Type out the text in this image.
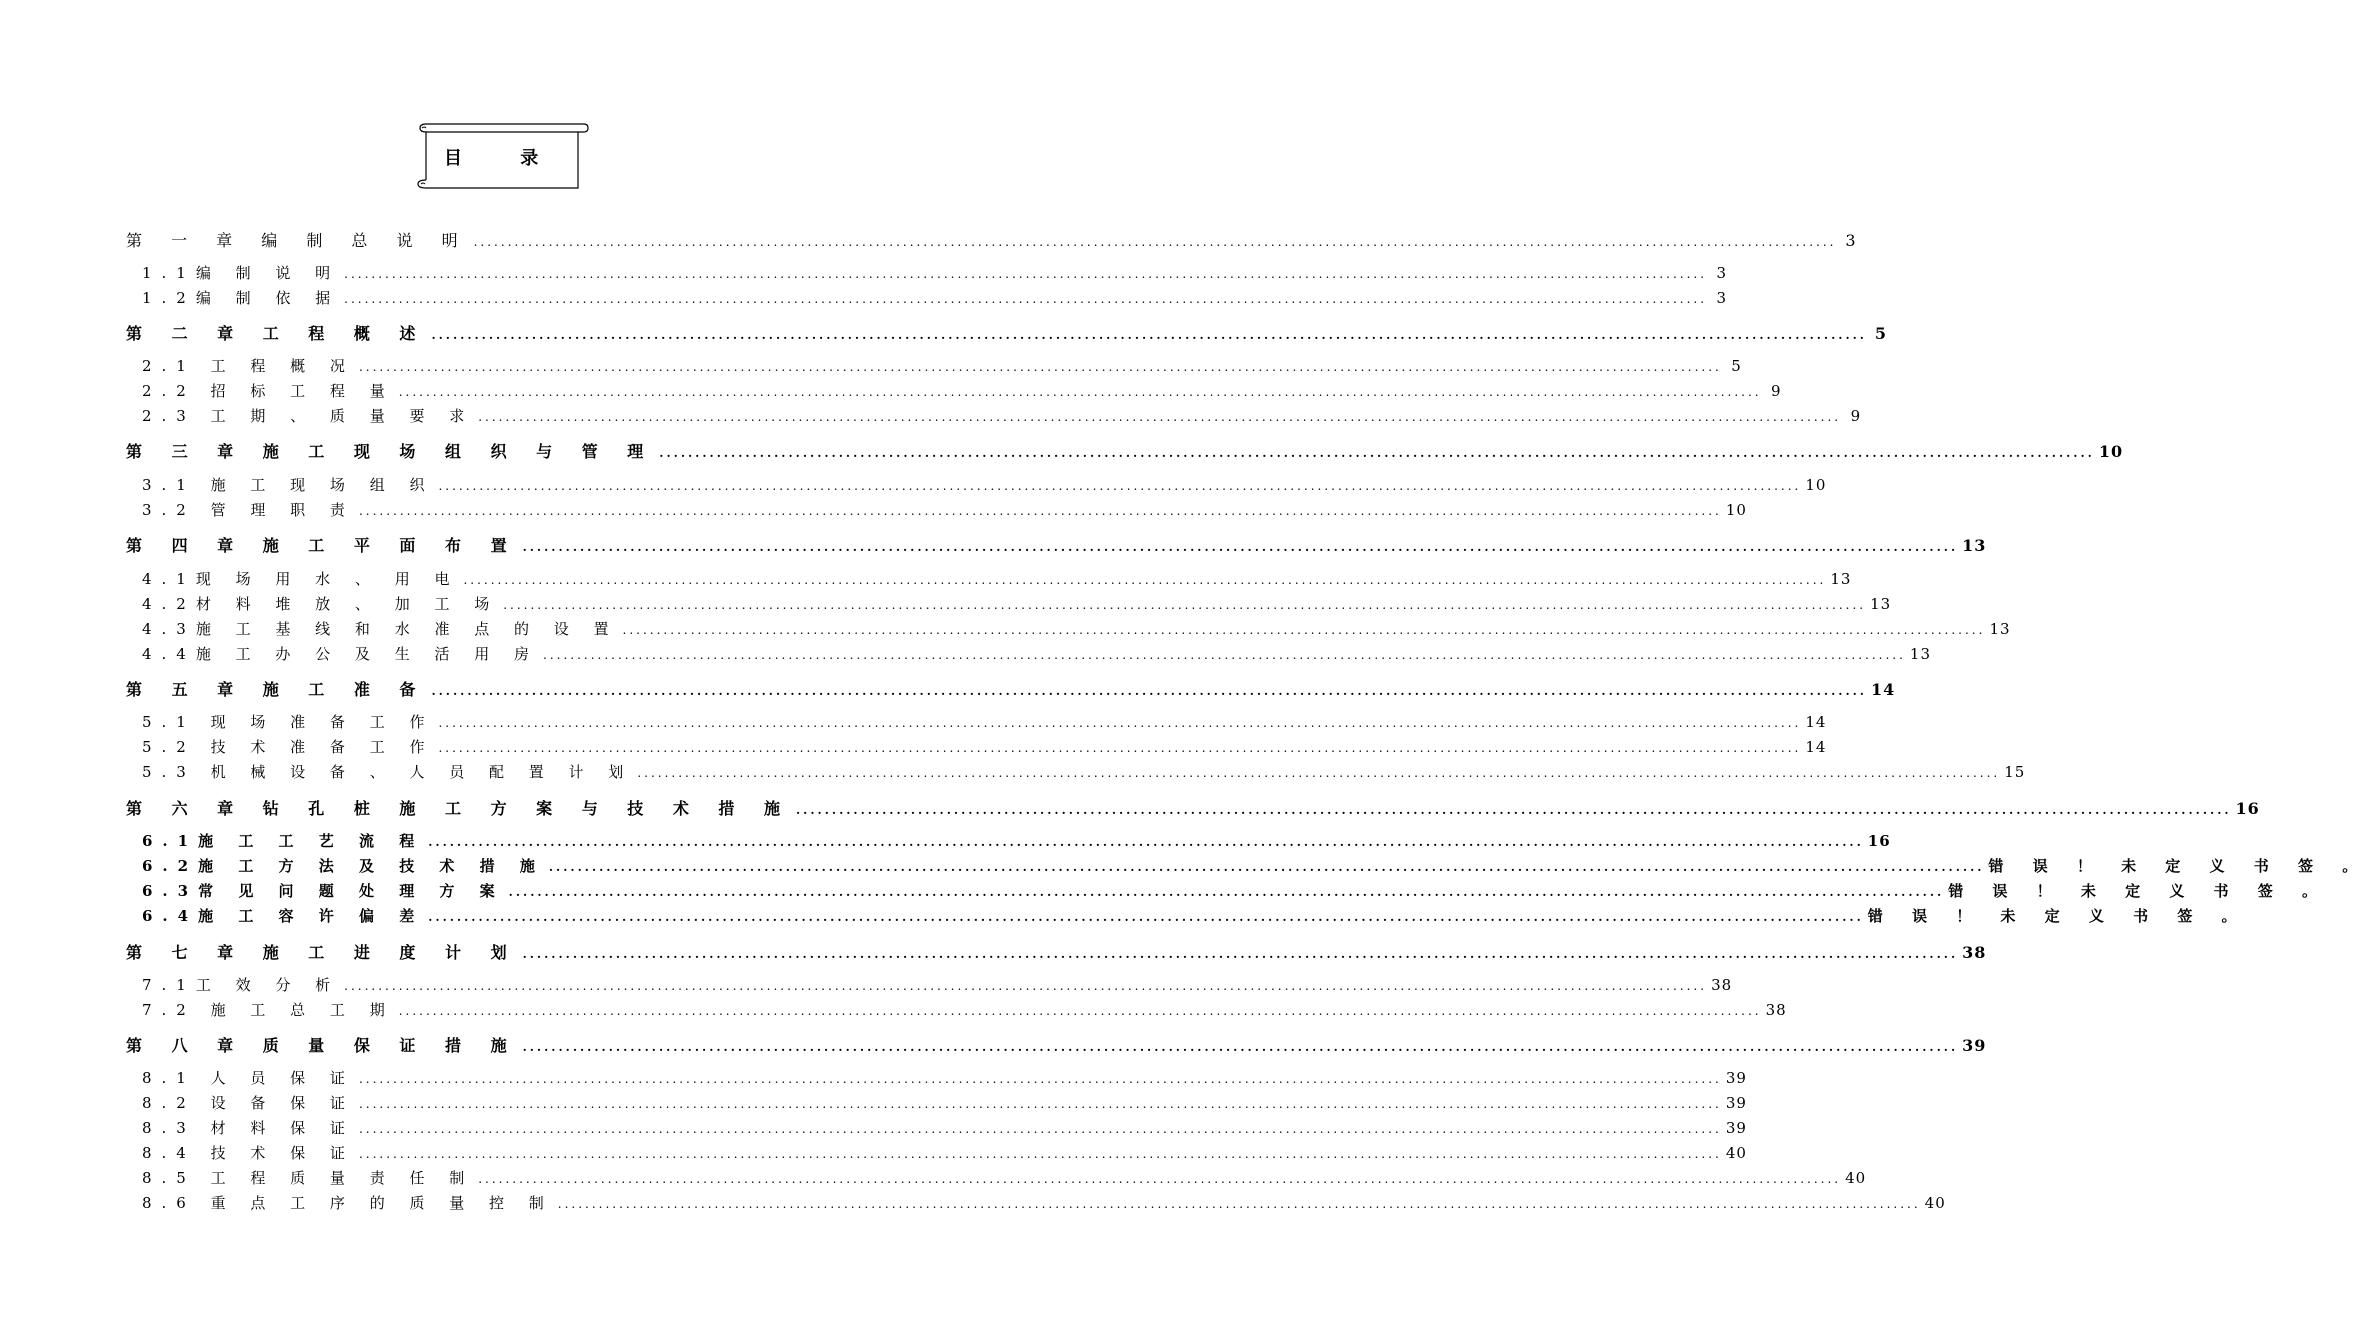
目 录
第 一 章 编 制 总 说 明 ........................................................................................................................................................................................................ 3
1.1编 制 说 明 ........................................................................................................................................................................................................ 3
1.2编 制 依 据 ........................................................................................................................................................................................................ 3
第 二 章 工 程 概 述 ........................................................................................................................................................................................................ 5
2.1 工 程 概 况 ........................................................................................................................................................................................................ 5
2.2 招 标 工 程 量 ........................................................................................................................................................................................................ 9
2.3 工 期 、 质 量 要 求 ........................................................................................................................................................................................................ 9
第 三 章 施 工 现 场 组 织 与 管 理 ........................................................................................................................................................................................................ 10
3.1 施 工 现 场 组 织 ........................................................................................................................................................................................................ 10
3.2 管 理 职 责 ........................................................................................................................................................................................................ 10
第 四 章 施 工 平 面 布 置 ........................................................................................................................................................................................................ 13
4.1现 场 用 水 、 用 电 ........................................................................................................................................................................................................ 13
4.2材 料 堆 放 、 加 工 场 ........................................................................................................................................................................................................ 13
4.3施 工 基 线 和 水 准 点 的 设 置 ........................................................................................................................................................................................................ 13
4.4施 工 办 公 及 生 活 用 房 ........................................................................................................................................................................................................ 13
第 五 章 施 工 准 备 ........................................................................................................................................................................................................ 14
5.1 现 场 准 备 工 作 ........................................................................................................................................................................................................ 14
5.2 技 术 准 备 工 作 ........................................................................................................................................................................................................ 14
5.3 机 械 设 备 、 人 员 配 置 计 划 ........................................................................................................................................................................................................ 15
第 六 章 钻 孔 桩 施 工 方 案 与 技 术 措 施 ........................................................................................................................................................................................................ 16
6.1施 工 工 艺 流 程 ........................................................................................................................................................................................................ 16
6.2施 工 方 法 及 技 术 措 施 ........................................................................................................................................................................................................ 错 误 ！ 未 定 义 书 签 。
6.3常 见 问 题 处 理 方 案 ........................................................................................................................................................................................................ 错 误 ！ 未 定 义 书 签 。
6.4施 工 容 许 偏 差 ........................................................................................................................................................................................................ 错 误 ！ 未 定 义 书 签 。
第 七 章 施 工 进 度 计 划 ........................................................................................................................................................................................................ 38
7.1工 效 分 析 ........................................................................................................................................................................................................ 38
7.2 施 工 总 工 期 ........................................................................................................................................................................................................ 38
第 八 章 质 量 保 证 措 施 ........................................................................................................................................................................................................ 39
8.1 人 员 保 证 ........................................................................................................................................................................................................ 39
8.2 设 备 保 证 ........................................................................................................................................................................................................ 39
8.3 材 料 保 证 ........................................................................................................................................................................................................ 39
8.4 技 术 保 证 ........................................................................................................................................................................................................ 40
8.5 工 程 质 量 责 任 制 ........................................................................................................................................................................................................ 40
8.6 重 点 工 序 的 质 量 控 制 ........................................................................................................................................................................................................ 40
